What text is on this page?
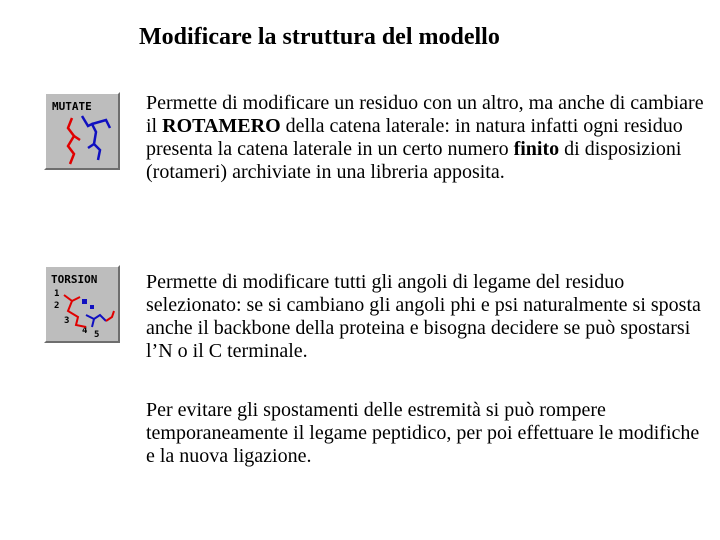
Modificare la struttura del modello
MUTATE	Permette di modificare un residuo con un altro, ma anche di cambiare il ROTAMERO della catena laterale: in natura infatti ogni residuo presenta la catena laterale in un certo numero finito di disposizioni (rotameri) archiviate in una libreria apposita.
TORSION
1
2
3
4 5
Permette di modificare tutti gli angoli di legame del residuo selezionato: se si cambiano gli angoli phi e psi naturalmente si sposta anche il backbone della proteina e bisogna decidere se può spostarsi l’N o il C terminale.
Per evitare gli spostamenti delle estremità si può rompere temporaneamente il legame peptidico, per poi effettuare le modifiche e la nuova ligazione.
